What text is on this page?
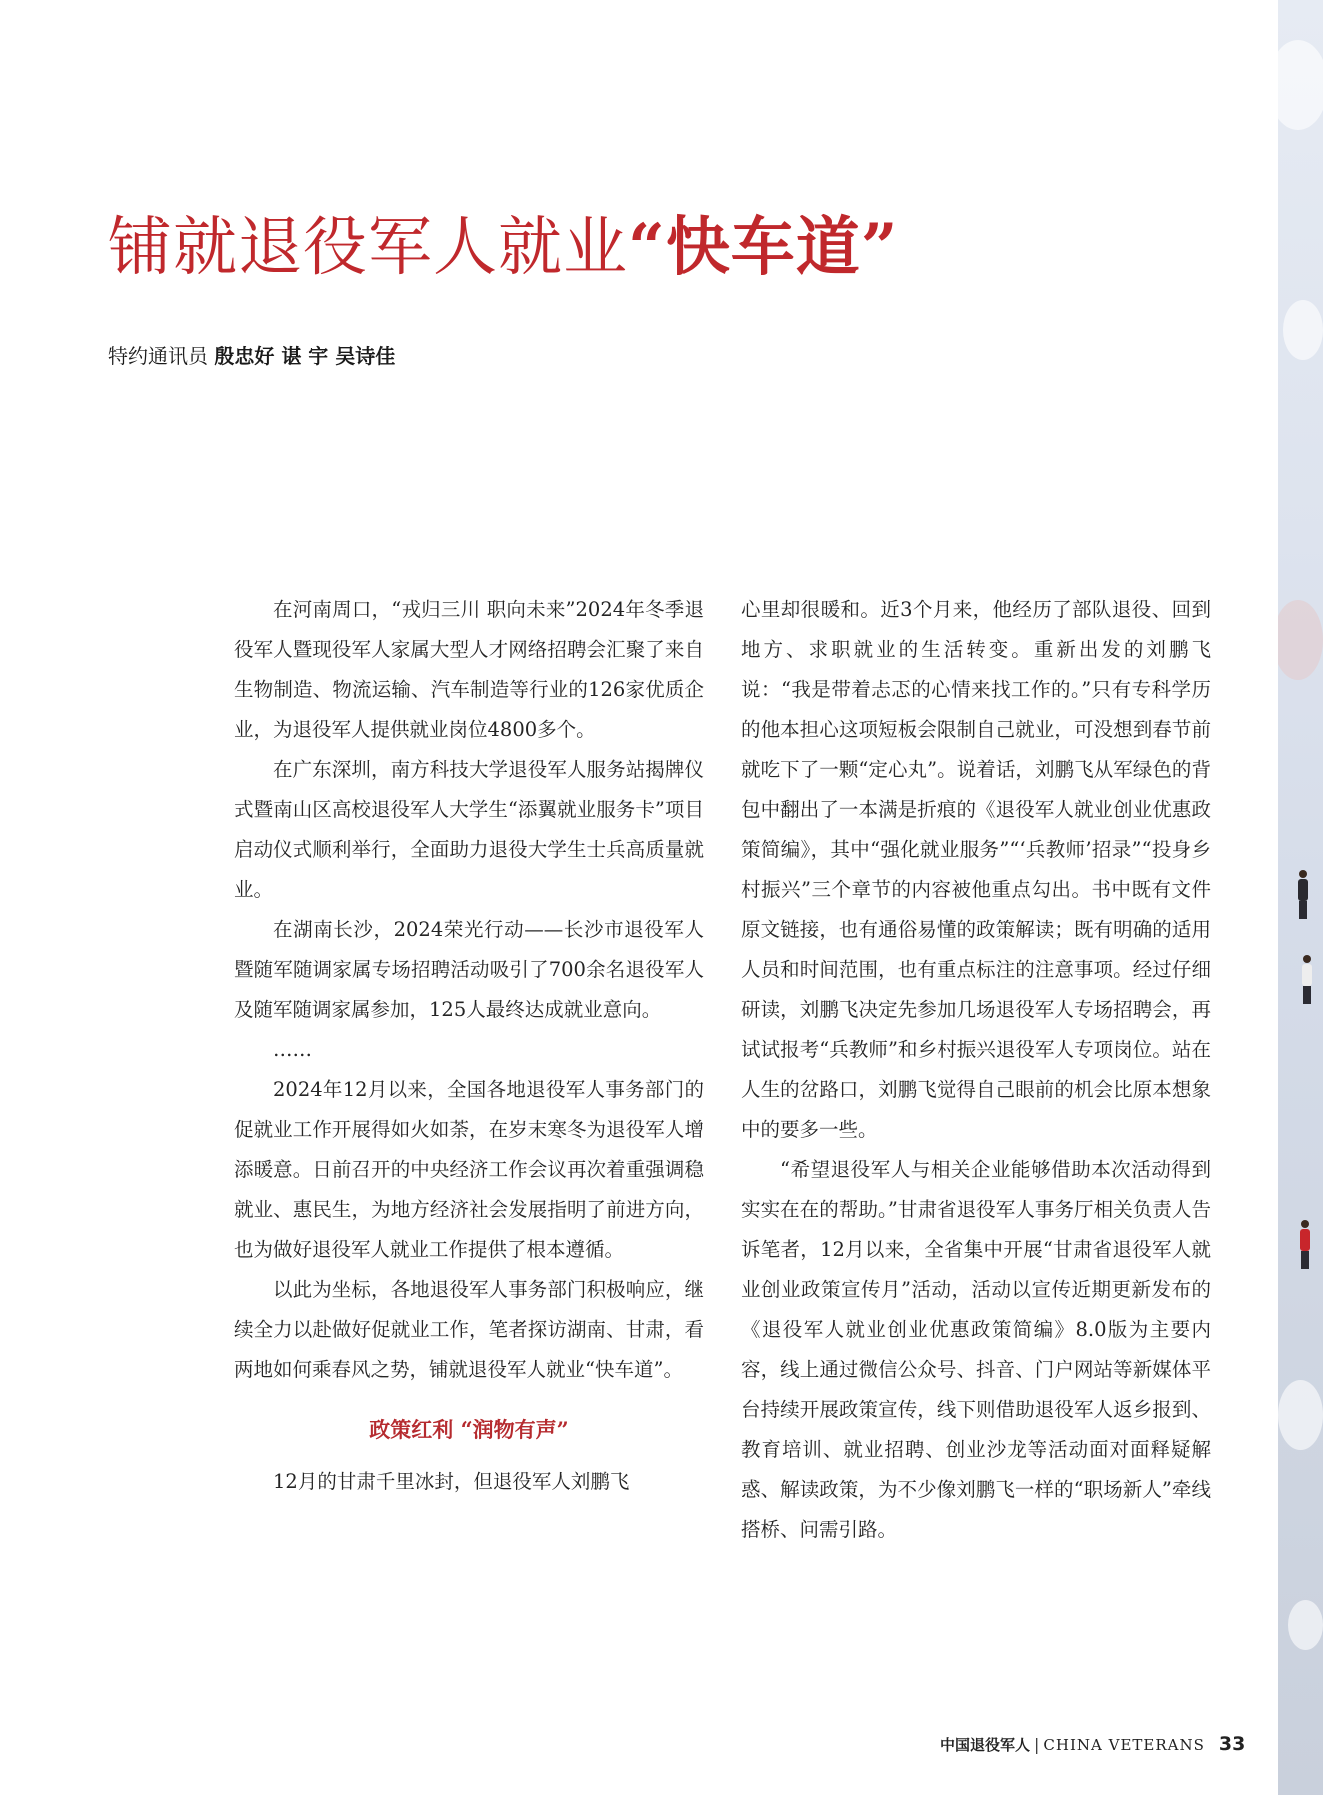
铺就退役军人就业“快车道”
特约通讯员 殷忠好 谌 宇 吴诗佳

在河南周口，“戎归三川 职向未来”2024年冬季退役军人暨现役军人家属大型人才网络招聘会汇聚了来自生物制造、物流运输、汽车制造等行业的126家优质企业，为退役军人提供就业岗位4800多个。

在广东深圳，南方科技大学退役军人服务站揭牌仪式暨南山区高校退役军人大学生“添翼就业服务卡”项目启动仪式顺利举行，全面助力退役大学生士兵高质量就业。

在湖南长沙，2024荣光行动——长沙市退役军人暨随军随调家属专场招聘活动吸引了700余名退役军人及随军随调家属参加，125人最终达成就业意向。

……

2024年12月以来，全国各地退役军人事务部门的促就业工作开展得如火如荼，在岁末寒冬为退役军人增添暖意。日前召开的中央经济工作会议再次着重强调稳就业、惠民生，为地方经济社会发展指明了前进方向，也为做好退役军人就业工作提供了根本遵循。

以此为坐标，各地退役军人事务部门积极响应，继续全力以赴做好促就业工作，笔者探访湖南、甘肃，看两地如何乘春风之势，铺就退役军人就业“快车道”。

政策红利 “润物有声”

12月的甘肃千里冰封，但退役军人刘鹏飞

心里却很暖和。近3个月来，他经历了部队退役、回到地方、求职就业的生活转变。重新出发的刘鹏飞说：“我是带着忐忑的心情来找工作的。”只有专科学历的他本担心这项短板会限制自己就业，可没想到春节前就吃下了一颗“定心丸”。说着话，刘鹏飞从军绿色的背包中翻出了一本满是折痕的《退役军人就业创业优惠政策简编》，其中“强化就业服务”“‘兵教师’招录”“投身乡村振兴”三个章节的内容被他重点勾出。书中既有文件原文链接，也有通俗易懂的政策解读；既有明确的适用人员和时间范围，也有重点标注的注意事项。经过仔细研读，刘鹏飞决定先参加几场退役军人专场招聘会，再试试报考“兵教师”和乡村振兴退役军人专项岗位。站在人生的岔路口，刘鹏飞觉得自己眼前的机会比原本想象中的要多一些。

“希望退役军人与相关企业能够借助本次活动得到实实在在的帮助。”甘肃省退役军人事务厅相关负责人告诉笔者，12月以来，全省集中开展“甘肃省退役军人就业创业政策宣传月”活动，活动以宣传近期更新发布的《退役军人就业创业优惠政策简编》8.0版为主要内容，线上通过微信公众号、抖音、门户网站等新媒体平台持续开展政策宣传，线下则借助退役军人返乡报到、教育培训、就业招聘、创业沙龙等活动面对面释疑解惑、解读政策，为不少像刘鹏飞一样的“职场新人”牵线搭桥、问需引路。

中国退役军人 | CHINA VETERANS 33
